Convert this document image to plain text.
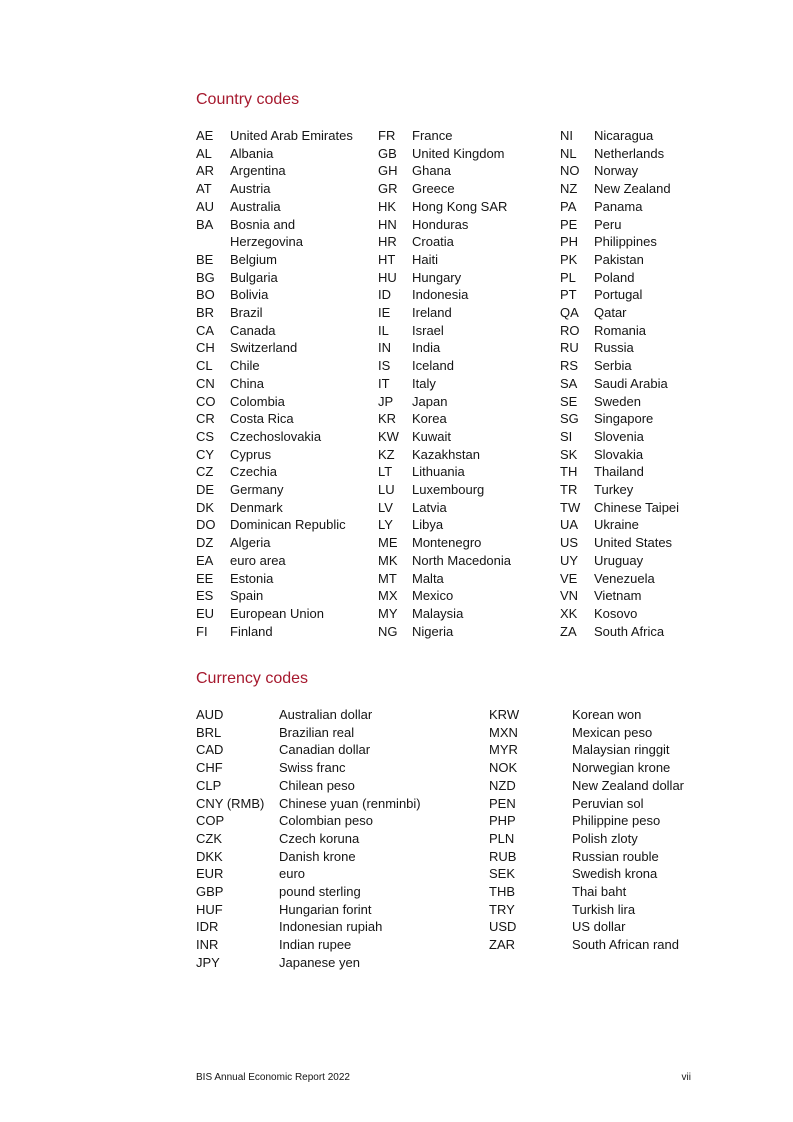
Country codes
AE	United Arab Emirates
AL	Albania
AR	Argentina
AT	Austria
AU	Australia
BA	Bosnia and Herzegovina
BE	Belgium
BG	Bulgaria
BO	Bolivia
BR	Brazil
CA	Canada
CH	Switzerland
CL	Chile
CN	China
CO	Colombia
CR	Costa Rica
CS	Czechoslovakia
CY	Cyprus
CZ	Czechia
DE	Germany
DK	Denmark
DO	Dominican Republic
DZ	Algeria
EA	euro area
EE	Estonia
ES	Spain
EU	European Union
FI	Finland
FR	France
GB	United Kingdom
GH	Ghana
GR	Greece
HK	Hong Kong SAR
HN	Honduras
HR	Croatia
HT	Haiti
HU	Hungary
ID	Indonesia
IE	Ireland
IL	Israel
IN	India
IS	Iceland
IT	Italy
JP	Japan
KR	Korea
KW	Kuwait
KZ	Kazakhstan
LT	Lithuania
LU	Luxembourg
LV	Latvia
LY	Libya
ME	Montenegro
MK	North Macedonia
MT	Malta
MX	Mexico
MY	Malaysia
NG	Nigeria
NI	Nicaragua
NL	Netherlands
NO	Norway
NZ	New Zealand
PA	Panama
PE	Peru
PH	Philippines
PK	Pakistan
PL	Poland
PT	Portugal
QA	Qatar
RO	Romania
RU	Russia
RS	Serbia
SA	Saudi Arabia
SE	Sweden
SG	Singapore
SI	Slovenia
SK	Slovakia
TH	Thailand
TR	Turkey
TW	Chinese Taipei
UA	Ukraine
US	United States
UY	Uruguay
VE	Venezuela
VN	Vietnam
XK	Kosovo
ZA	South Africa
Currency codes
AUD	Australian dollar
BRL	Brazilian real
CAD	Canadian dollar
CHF	Swiss franc
CLP	Chilean peso
CNY (RMB)	Chinese yuan (renminbi)
COP	Colombian peso
CZK	Czech koruna
DKK	Danish krone
EUR	euro
GBP	pound sterling
HUF	Hungarian forint
IDR	Indonesian rupiah
INR	Indian rupee
JPY	Japanese yen
KRW	Korean won
MXN	Mexican peso
MYR	Malaysian ringgit
NOK	Norwegian krone
NZD	New Zealand dollar
PEN	Peruvian sol
PHP	Philippine peso
PLN	Polish zloty
RUB	Russian rouble
SEK	Swedish krona
THB	Thai baht
TRY	Turkish lira
USD	US dollar
ZAR	South African rand
BIS Annual Economic Report 2022	vii
